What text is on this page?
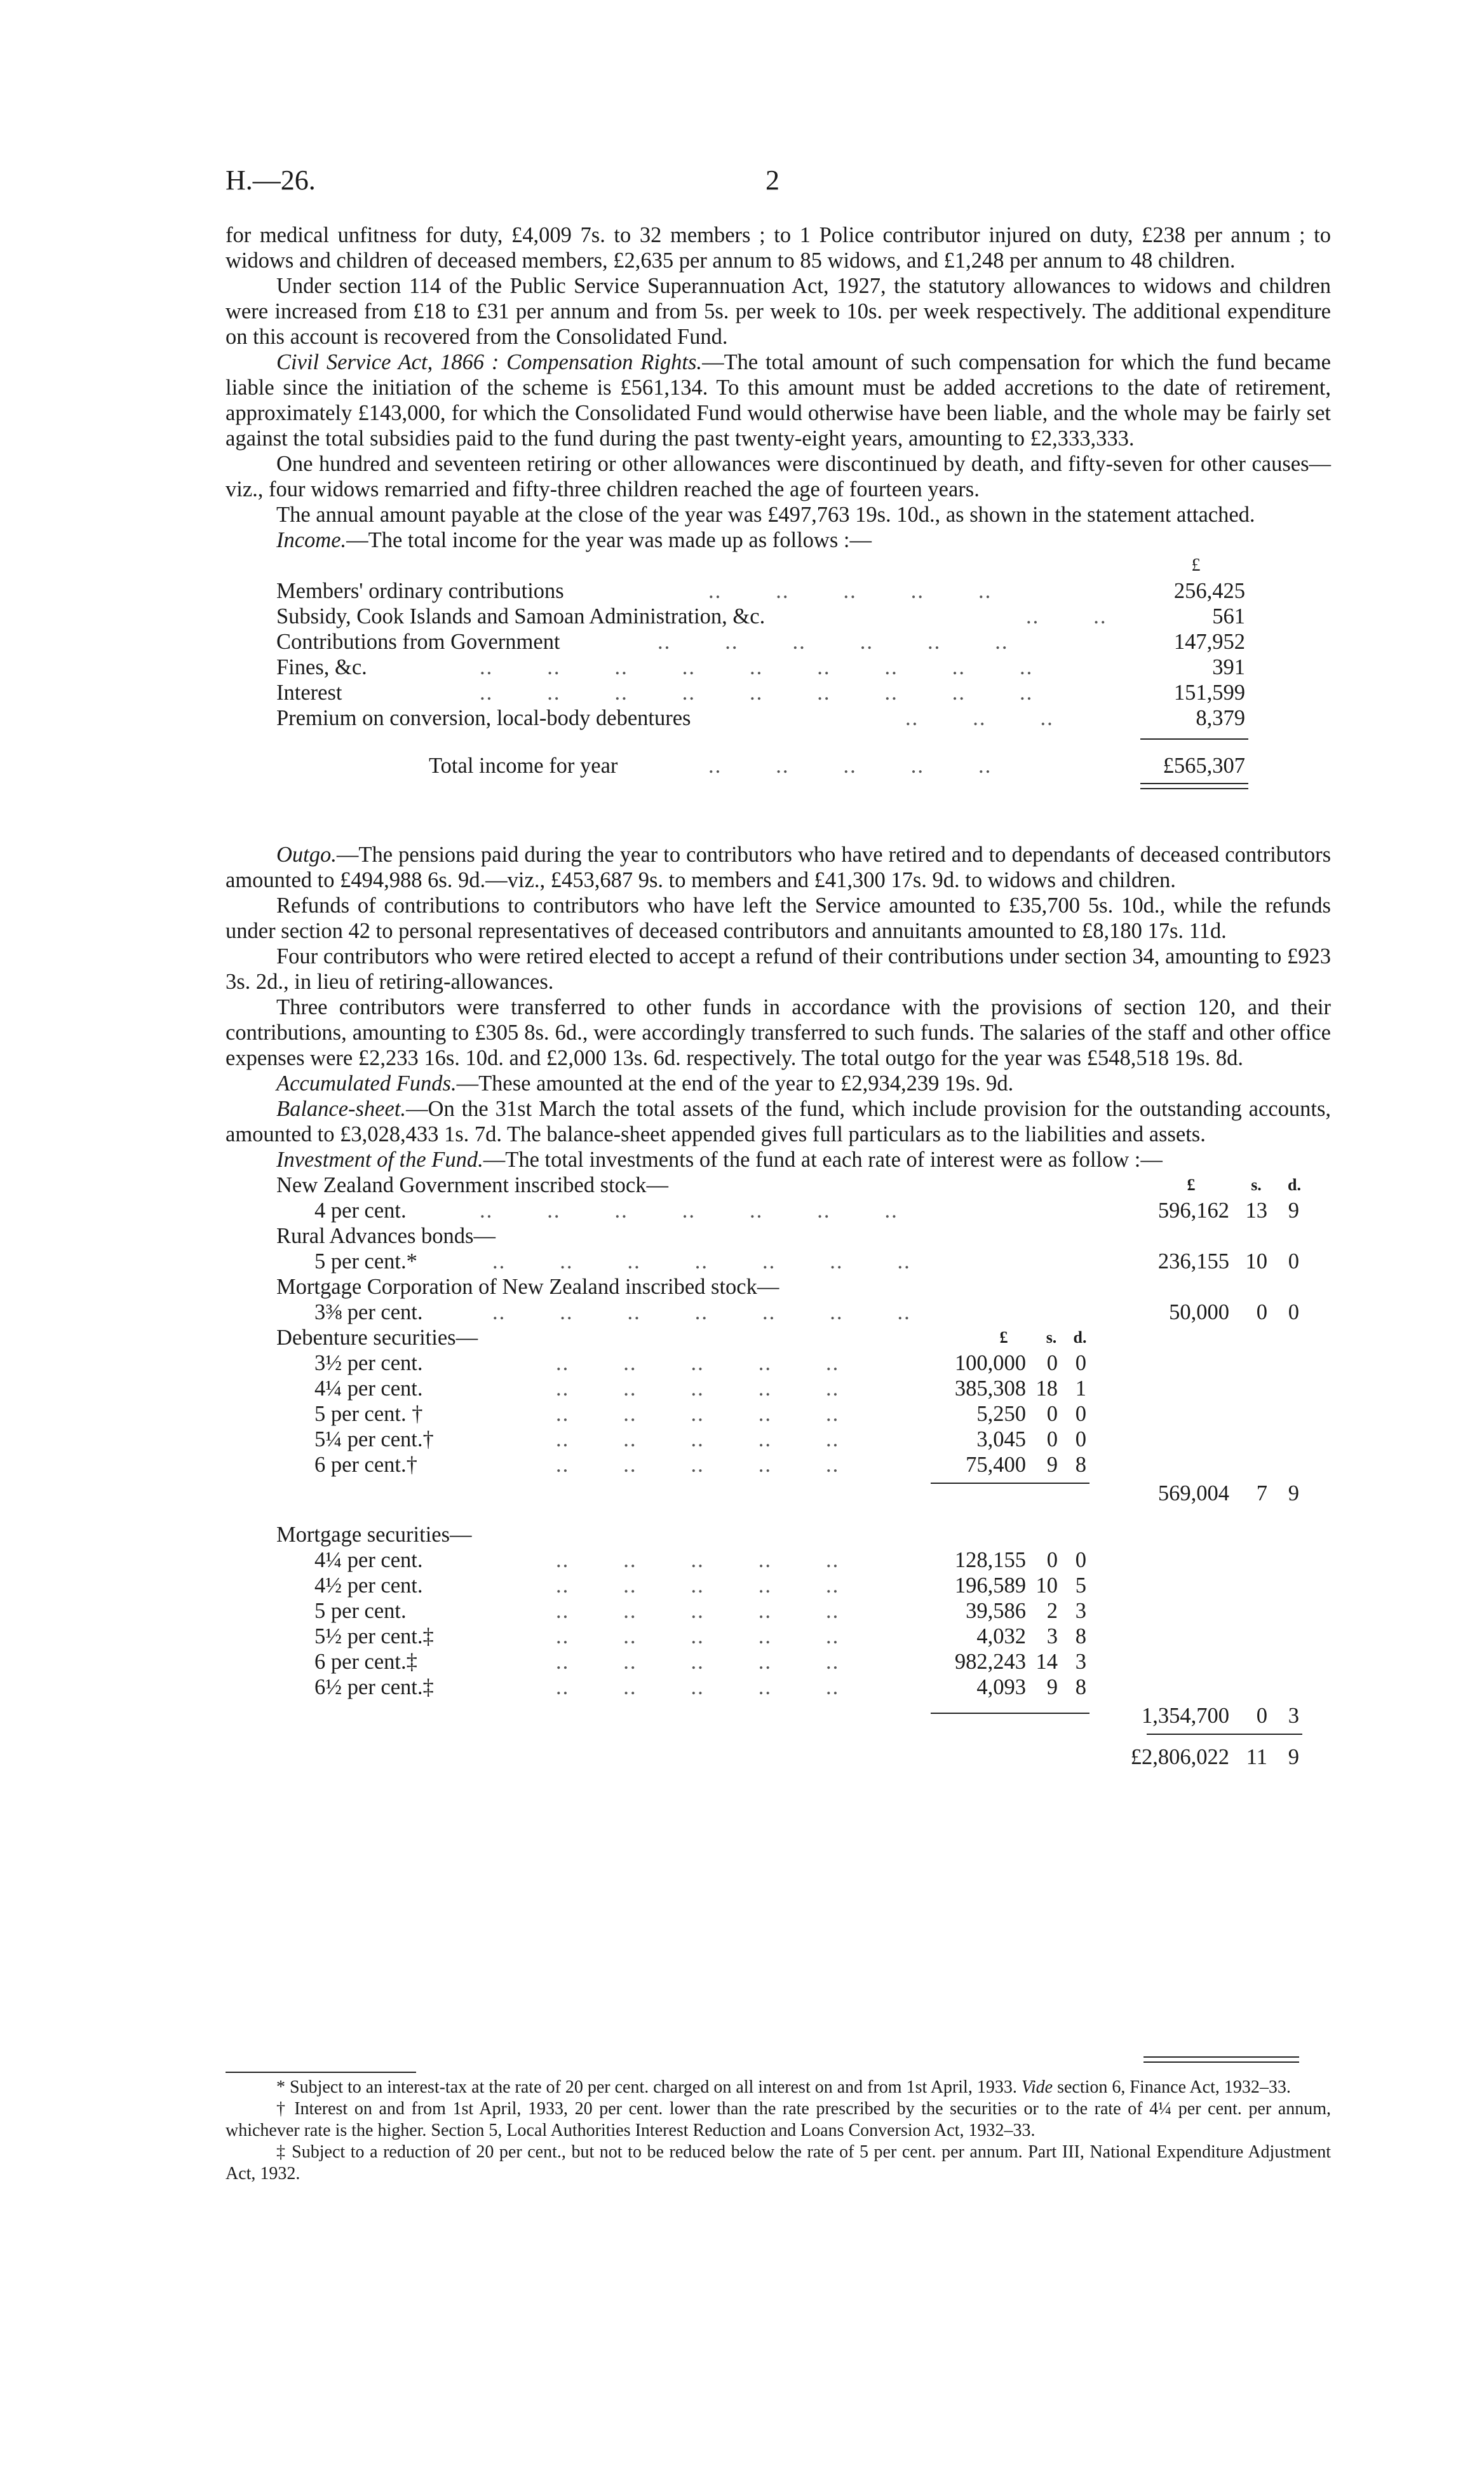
H.—26.	2

for medical unfitness for duty, £4,009 7s. to 32 members ; to 1 Police contributor injured on duty, £238 per annum ; to widows and children of deceased members, £2,635 per annum to 85 widows, and £1,248 per annum to 48 children.

Under section 114 of the Public Service Superannuation Act, 1927, the statutory allowances to widows and children were increased from £18 to £31 per annum and from 5s. per week to 10s. per week respectively. The additional expenditure on this account is recovered from the Consolidated Fund.

Civil Service Act, 1866 : Compensation Rights.—The total amount of such compensation for which the fund became liable since the initiation of the scheme is £561,134. To this amount must be added accretions to the date of retirement, approximately £143,000, for which the Consolidated Fund would otherwise have been liable, and the whole may be fairly set against the total subsidies paid to the fund during the past twenty-eight years, amounting to £2,333,333.

One hundred and seventeen retiring or other allowances were discontinued by death, and fifty-seven for other causes—viz., four widows remarried and fifty-three children reached the age of fourteen years.

The annual amount payable at the close of the year was £497,763 19s. 10d., as shown in the statement attached.

Income.—The total income for the year was made up as follows :—

£
Members' ordinary contributions	..        ..        ..        ..        ..	256,425
Subsidy, Cook Islands and Samoan Administration, &c.	..        ..	561
Contributions from Government	..        ..        ..        ..        ..        ..	147,952
Fines, &c.	..        ..        ..        ..        ..        ..        ..        ..        ..	391
Interest	..        ..        ..        ..        ..        ..        ..        ..        ..	151,599
Premium on conversion, local-body debentures	..        ..        ..	8,379
Total income for year	..        ..        ..        ..        ..	£565,307

Outgo.—The pensions paid during the year to contributors who have retired and to dependants of deceased contributors amounted to £494,988 6s. 9d.—viz., £453,687 9s. to members and £41,300 17s. 9d. to widows and children.

Refunds of contributions to contributors who have left the Service amounted to £35,700 5s. 10d., while the refunds under section 42 to personal representatives of deceased contributors and annuitants amounted to £8,180 17s. 11d.

Four contributors who were retired elected to accept a refund of their contributions under section 34, amounting to £923 3s. 2d., in lieu of retiring-allowances.

Three contributors were transferred to other funds in accordance with the provisions of section 120, and their contributions, amounting to £305 8s. 6d., were accordingly transferred to such funds. The salaries of the staff and other office expenses were £2,233 16s. 10d. and £2,000 13s. 6d. respectively. The total outgo for the year was £548,518 19s. 8d.

Accumulated Funds.—These amounted at the end of the year to £2,934,239 19s. 9d.

Balance-sheet.—On the 31st March the total assets of the fund, which include provision for the outstanding accounts, amounted to £3,028,433 1s. 7d. The balance-sheet appended gives full particulars as to the liabilities and assets.

Investment of the Fund.—The total investments of the fund at each rate of interest were as follow :—

New Zealand Government inscribed stock—	£	s.	d.
4 per cent.	..        ..        ..        ..        ..        ..        ..	596,162 13 9
Rural Advances bonds—
5 per cent.*	..        ..        ..        ..        ..        ..        ..	236,155 10 0
Mortgage Corporation of New Zealand inscribed stock—
3⅜ per cent.	..        ..        ..        ..        ..        ..        ..	50,000	0 0
Debenture securities—	£	s.	d.
3½ per cent.	..        ..        ..        ..        ..	100,000 0 0
4¼ per cent.	..        ..        ..        ..        ..	385,308 18 1
5 per cent. †	..        ..        ..        ..        ..	5,250 0 0
5¼ per cent.†	..        ..        ..        ..        ..	3,045 0 0
6 per cent.†	..        ..        ..        ..        ..	75,400 9 8
569,004	7 9
Mortgage securities—
4¼ per cent.	..        ..        ..        ..        ..	128,155 0 0
4½ per cent.	..        ..        ..        ..        ..	196,589 10 5
5 per cent.	..        ..        ..        ..        ..	39,586 2 3
5½ per cent.‡	..        ..        ..        ..        ..	4,032 3 8
6 per cent.‡	..        ..        ..        ..        ..	982,243 14 3
6½ per cent.‡	..        ..        ..        ..        ..	4,093 9 8
1,354,700	0 3
£2,806,022 11 9

* Subject to an interest-tax at the rate of 20 per cent. charged on all interest on and from 1st April, 1933. Vide section 6, Finance Act, 1932–33.

† Interest on and from 1st April, 1933, 20 per cent. lower than the rate prescribed by the securities or to the rate of 4¼ per cent. per annum, whichever rate is the higher. Section 5, Local Authorities Interest Reduction and Loans Conversion Act, 1932–33.

‡ Subject to a reduction of 20 per cent., but not to be reduced below the rate of 5 per cent. per annum. Part III, National Expenditure Adjustment Act, 1932.
